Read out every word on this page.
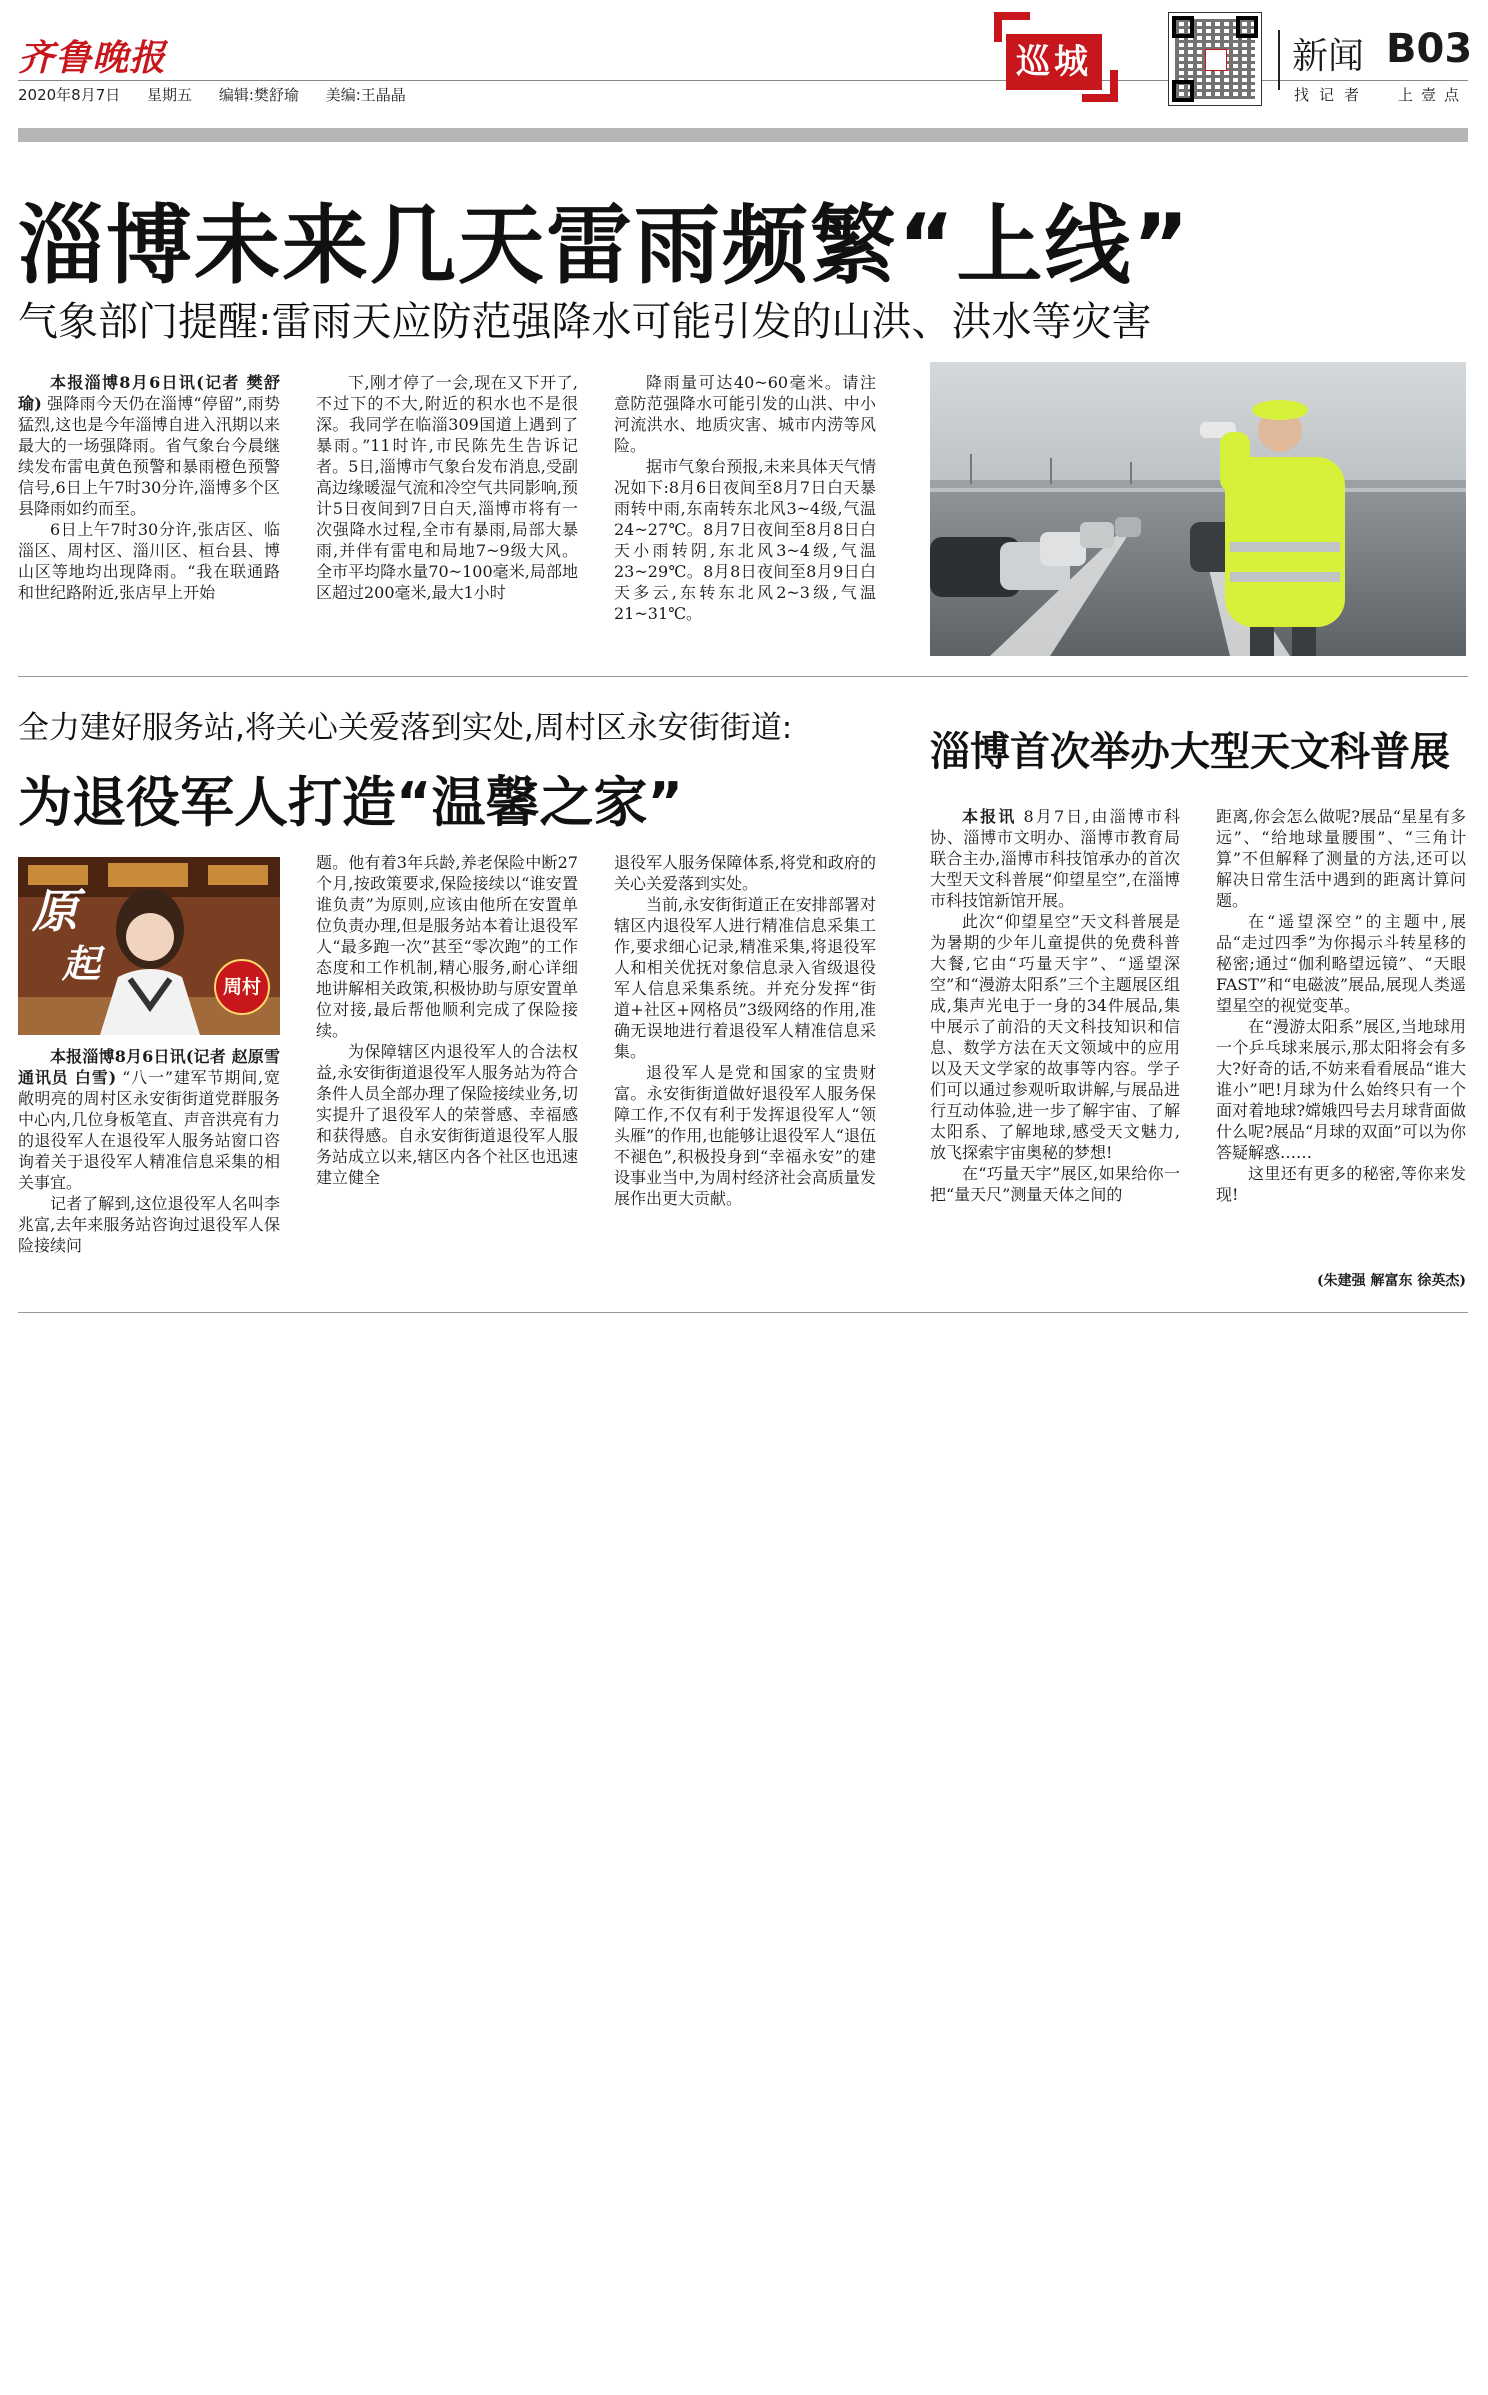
齐鲁晚报
2020年8月7日 星期五 编辑:樊舒瑜 美编:王晶晶
巡城	新闻 B03
找记者 上壹点
淄博未来几天雷雨频繁“上线”
气象部门提醒:雷雨天应防范强降水可能引发的山洪、洪水等灾害

本报淄博8月6日讯(记者 樊舒瑜) 强降雨今天仍在淄博“停留”,雨势猛烈,这也是今年淄博自进入汛期以来最大的一场强降雨。省气象台今晨继续发布雷电黄色预警和暴雨橙色预警信号,6日上午7时30分许,淄博多个区县降雨如约而至。

6日上午7时30分许,张店区、临淄区、周村区、淄川区、桓台县、博山区等地均出现降雨。“我在联通路和世纪路附近,张店早上开始

下,刚才停了一会,现在又下开了,不过下的不大,附近的积水也不是很深。我同学在临淄309国道上遇到了暴雨。”11时许,市民陈先生告诉记者。5日,淄博市气象台发布消息,受副高边缘暖湿气流和冷空气共同影响,预计5日夜间到7日白天,淄博市将有一次强降水过程,全市有暴雨,局部大暴雨,并伴有雷电和局地7~9级大风。全市平均降水量70~100毫米,局部地区超过200毫米,最大1小时

降雨量可达40~60毫米。请注意防范强降水可能引发的山洪、中小河流洪水、地质灾害、城市内涝等风险。

据市气象台预报,未来具体天气情况如下:8月6日夜间至8月7日白天暴雨转中雨,东南转东北风3~4级,气温24~27℃。8月7日夜间至8月8日白天小雨转阴,东北风3~4级,气温23~29℃。8月8日夜间至8月9日白天多云,东转东北风2~3级,气温21~31℃。

全力建好服务站,将关心关爱落到实处,周村区永安街街道:
为退役军人打造“温馨之家”
原
起
周村

本报淄博8月6日讯(记者 赵原雪 通讯员 白雪) “八一”建军节期间,宽敞明亮的周村区永安街街道党群服务中心内,几位身板笔直、声音洪亮有力的退役军人在退役军人服务站窗口咨询着关于退役军人精准信息采集的相关事宜。

记者了解到,这位退役军人名叫李兆富,去年来服务站咨询过退役军人保险接续问

题。他有着3年兵龄,养老保险中断27个月,按政策要求,保险接续以“谁安置谁负责”为原则,应该由他所在安置单位负责办理,但是服务站本着让退役军人“最多跑一次”甚至“零次跑”的工作态度和工作机制,精心服务,耐心详细地讲解相关政策,积极协助与原安置单位对接,最后帮他顺利完成了保险接续。

为保障辖区内退役军人的合法权益,永安街街道退役军人服务站为符合条件人员全部办理了保险接续业务,切实提升了退役军人的荣誉感、幸福感和获得感。自永安街街道退役军人服务站成立以来,辖区内各个社区也迅速建立健全

退役军人服务保障体系,将党和政府的关心关爱落到实处。

当前,永安街街道正在安排部署对辖区内退役军人进行精准信息采集工作,要求细心记录,精准采集,将退役军人和相关优抚对象信息录入省级退役军人信息采集系统。并充分发挥“街道+社区+网格员”3级网络的作用,准确无误地进行着退役军人精准信息采集。

退役军人是党和国家的宝贵财富。永安街街道做好退役军人服务保障工作,不仅有利于发挥退役军人“领头雁”的作用,也能够让退役军人“退伍不褪色”,积极投身到“幸福永安”的建设事业当中,为周村经济社会高质量发展作出更大贡献。

淄博首次举办大型天文科普展

本报讯 8月7日,由淄博市科协、淄博市文明办、淄博市教育局联合主办,淄博市科技馆承办的首次大型天文科普展“仰望星空”,在淄博市科技馆新馆开展。

此次“仰望星空”天文科普展是为暑期的少年儿童提供的免费科普大餐,它由“巧量天宇”、“遥望深空”和“漫游太阳系”三个主题展区组成,集声光电于一身的34件展品,集中展示了前沿的天文科技知识和信息、数学方法在天文领域中的应用以及天文学家的故事等内容。学子们可以通过参观听取讲解,与展品进行互动体验,进一步了解宇宙、了解太阳系、了解地球,感受天文魅力,放飞探索宇宙奥秘的梦想!

在“巧量天宇”展区,如果给你一把“量天尺”测量天体之间的

距离,你会怎么做呢?展品“星星有多远”、“给地球量腰围”、“三角计算”不但解释了测量的方法,还可以解决日常生活中遇到的距离计算问题。

在“遥望深空”的主题中,展品“走过四季”为你揭示斗转星移的秘密;通过“伽利略望远镜”、“天眼FAST”和“电磁波”展品,展现人类遥望星空的视觉变革。

在“漫游太阳系”展区,当地球用一个乒乓球来展示,那太阳将会有多大?好奇的话,不妨来看看展品“谁大谁小”吧!月球为什么始终只有一个面对着地球?嫦娥四号去月球背面做什么呢?展品“月球的双面”可以为你答疑解惑……

这里还有更多的秘密,等你来发现!

(朱建强 解富东 徐英杰)
